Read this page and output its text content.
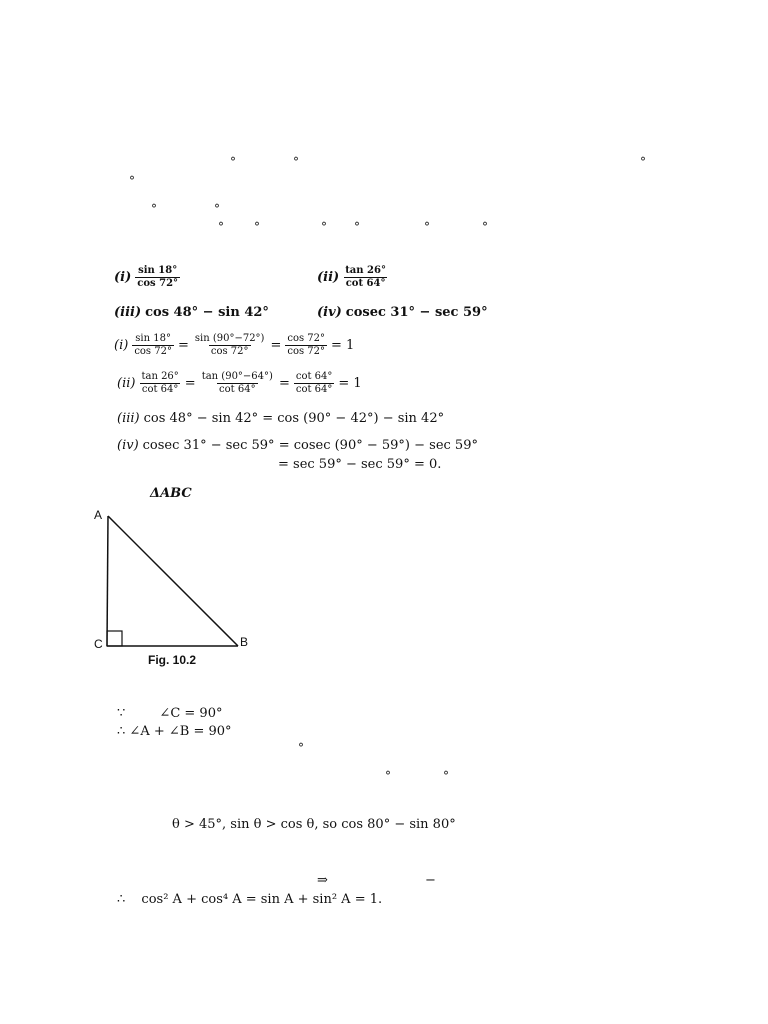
°	°	°
°
°	°
°	°	° °	°	°
°
°	°
$(i) \frac{\sin 18^\circ}{\cos 72^\circ}$	$(ii) \frac{\tan 26^\circ}{\cot 64^\circ}$
(iii) cos 48° − sin 42°	(iv) cosec 31° − sec 59°
$(i) \frac{\sin 18^\circ}{\cos 72^\circ} = \frac{\sin (90^\circ-72^\circ)}{\cos 72^\circ} = \frac{\cos 72^\circ}{\cos 72^\circ} = 1$
$(ii) \frac{\tan 26^\circ}{\cot 64^\circ} = \frac{\tan (90^\circ-64^\circ)}{\cot 64^\circ} = \frac{\cot 64^\circ}{\cot 64^\circ} = 1$
(iii) cos 48° − sin 42° = cos (90° − 42°) − sin 42°
(iv) cosec 31° − sec 59° = cosec (90° − 59°) − sec 59°
= sec 59° − sec 59° = 0.
ΔABC
A
C	B
Fig. 10.2
∵	∠C = 90°
∴ ∠A + ∠B = 90°
θ > 45°, sin θ > cos θ, so cos 80° − sin 80°
⇒	−
∴ cos² A + cos⁴ A = sin A + sin² A = 1.
